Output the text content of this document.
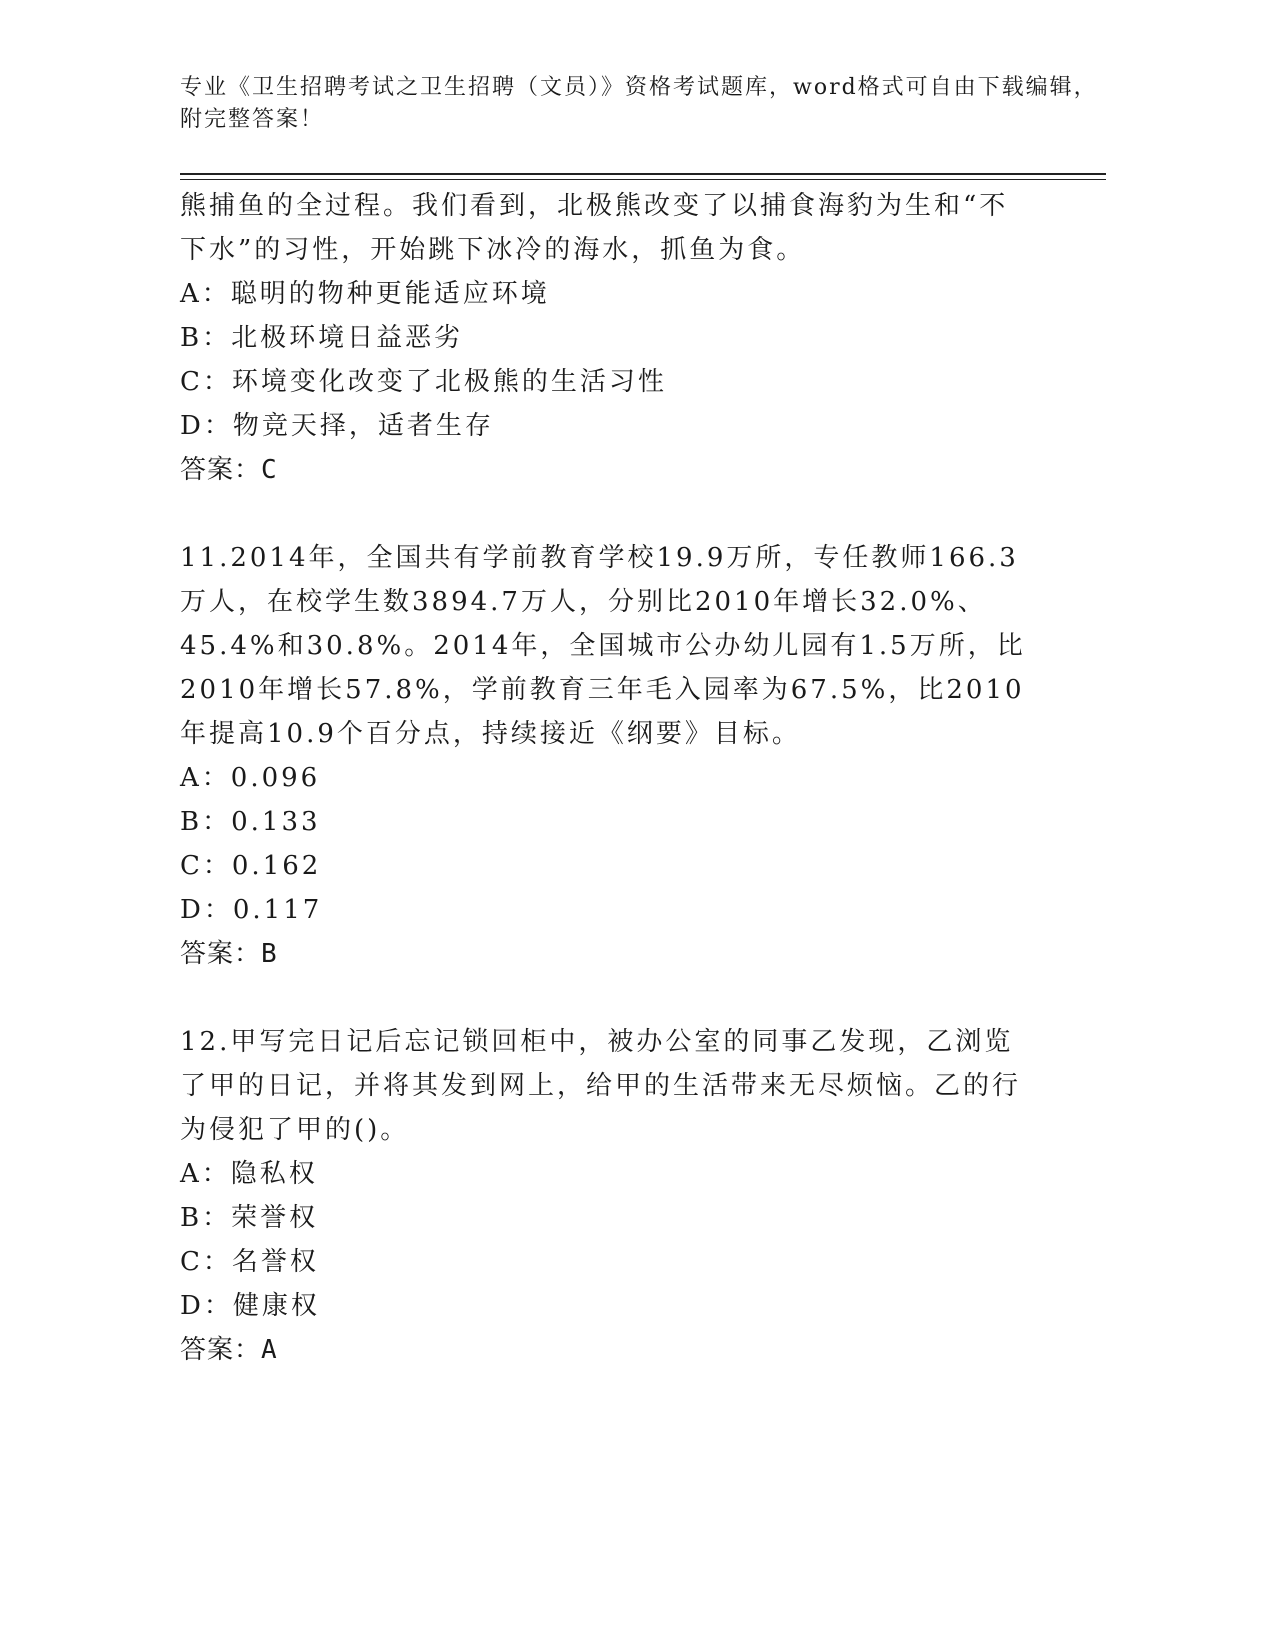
专业《卫生招聘考试之卫生招聘（文员）》资格考试题库，word格式可自由下载编辑，附完整答案！

熊捕鱼的全过程。我们看到，北极熊改变了以捕食海豹为生和“不下水”的习性，开始跳下冰冷的海水，抓鱼为食。

A：聪明的物种更能适应环境

B：北极环境日益恶劣

C：环境变化改变了北极熊的生活习性

D：物竞天择，适者生存

答案：C

11.2014年，全国共有学前教育学校19.9万所，专任教师166.3万人，在校学生数3894.7万人，分别比2010年增长32.0%、45.4%和30.8%。2014年，全国城市公办幼儿园有1.5万所，比2010年增长57.8%，学前教育三年毛入园率为67.5%，比2010年提高10.9个百分点，持续接近《纲要》目标。

A：0.096

B：0.133

C：0.162

D：0.117

答案：B

12.甲写完日记后忘记锁回柜中，被办公室的同事乙发现，乙浏览了甲的日记，并将其发到网上，给甲的生活带来无尽烦恼。乙的行为侵犯了甲的()。

A：隐私权

B：荣誉权

C：名誉权

D：健康权

答案：A
